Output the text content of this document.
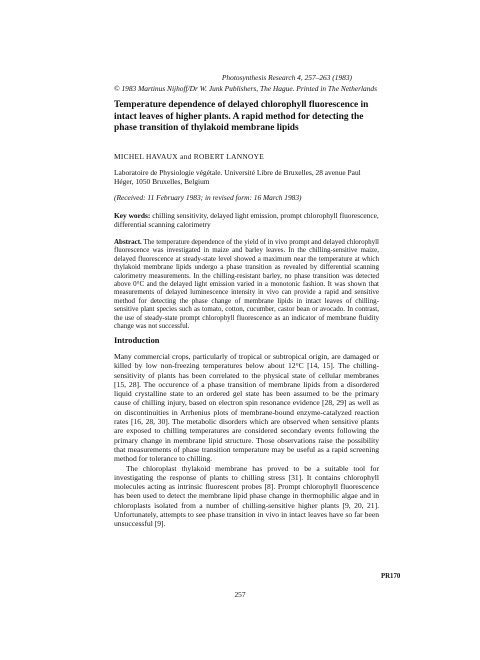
Photosynthesis Research 4, 257–263 (1983)
© 1983 Martinus Nijhoff/Dr W. Junk Publishers, The Hague. Printed in The Netherlands
Temperature dependence of delayed chlorophyll fluorescence in intact leaves of higher plants. A rapid method for detecting the phase transition of thylakoid membrane lipids
MICHEL HAVAUX and ROBERT LANNOYE
Laboratoire de Physiologie végétale. Université Libre de Bruxelles, 28 avenue Paul Héger, 1050 Bruxelles, Belgium
(Received: 11 February 1983; in revised form: 16 March 1983)
Key words: chilling sensitivity, delayed light emission, prompt chlorophyll fluorescence, differential scanning calorimetry
Abstract. The temperature dependence of the yield of in vivo prompt and delayed chlorophyll fluorescence was investigated in maize and barley leaves. In the chilling-sensitive maize, delayed fluorescence at steady-state level showed a maximum near the temperature at which thylakoid membrane lipids undergo a phase transition as revealed by differential scanning calorimetry measurements. In the chilling-resistant barley, no phase transition was detected above 0°C and the delayed light emission varied in a monotonic fashion. It was shown that measurements of delayed luminescence intensity in vivo can provide a rapid and sensitive method for detecting the phase change of membrane lipids in intact leaves of chilling-sensitive plant species such as tomato, cotton, cucumber, castor bean or avocado. In contrast, the use of steady-state prompt chlorophyll fluorescence as an indicator of membrane fluidity change was not successful.
Introduction

Many commercial crops, particularly of tropical or subtropical origin, are damaged or killed by low non-freezing temperatures below about 12°C [14, 15]. The chilling-sensitivity of plants has been correlated to the physical state of cellular membranes [15, 28]. The occurence of a phase transition of membrane lipids from a disordered liquid crystalline state to an ordered gel state has been assumed to be the primary cause of chilling injury, based on electron spin resonance evidence [28, 29] as well as on discontinuities in Arrhenius plots of membrane-bound enzyme-catalyzed reaction rates [16, 28, 30]. The metabolic disorders which are observed when sensitive plants are exposed to chilling temperatures are considered secondary events following the primary change in membrane lipid structure. Those observations raise the possibility that measurements of phase transition temperature may be useful as a rapid screening method for tolerance to chilling.

The chloroplast thylakoid membrane has proved to be a suitable tool for investigating the response of plants to chilling stress [31]. It contains chlorophyll molecules acting as intrinsic fluorescent probes [8]. Prompt chlorophyll fluorescence has been used to detect the membrane lipid phase change in thermophilic algae and in chloroplasts isolated from a number of chilling-sensitive higher plants [9, 20, 21]. Unfortunately, attempts to see phase transition in vivo in intact leaves have so far been unsuccessful [9].

PR170
257
